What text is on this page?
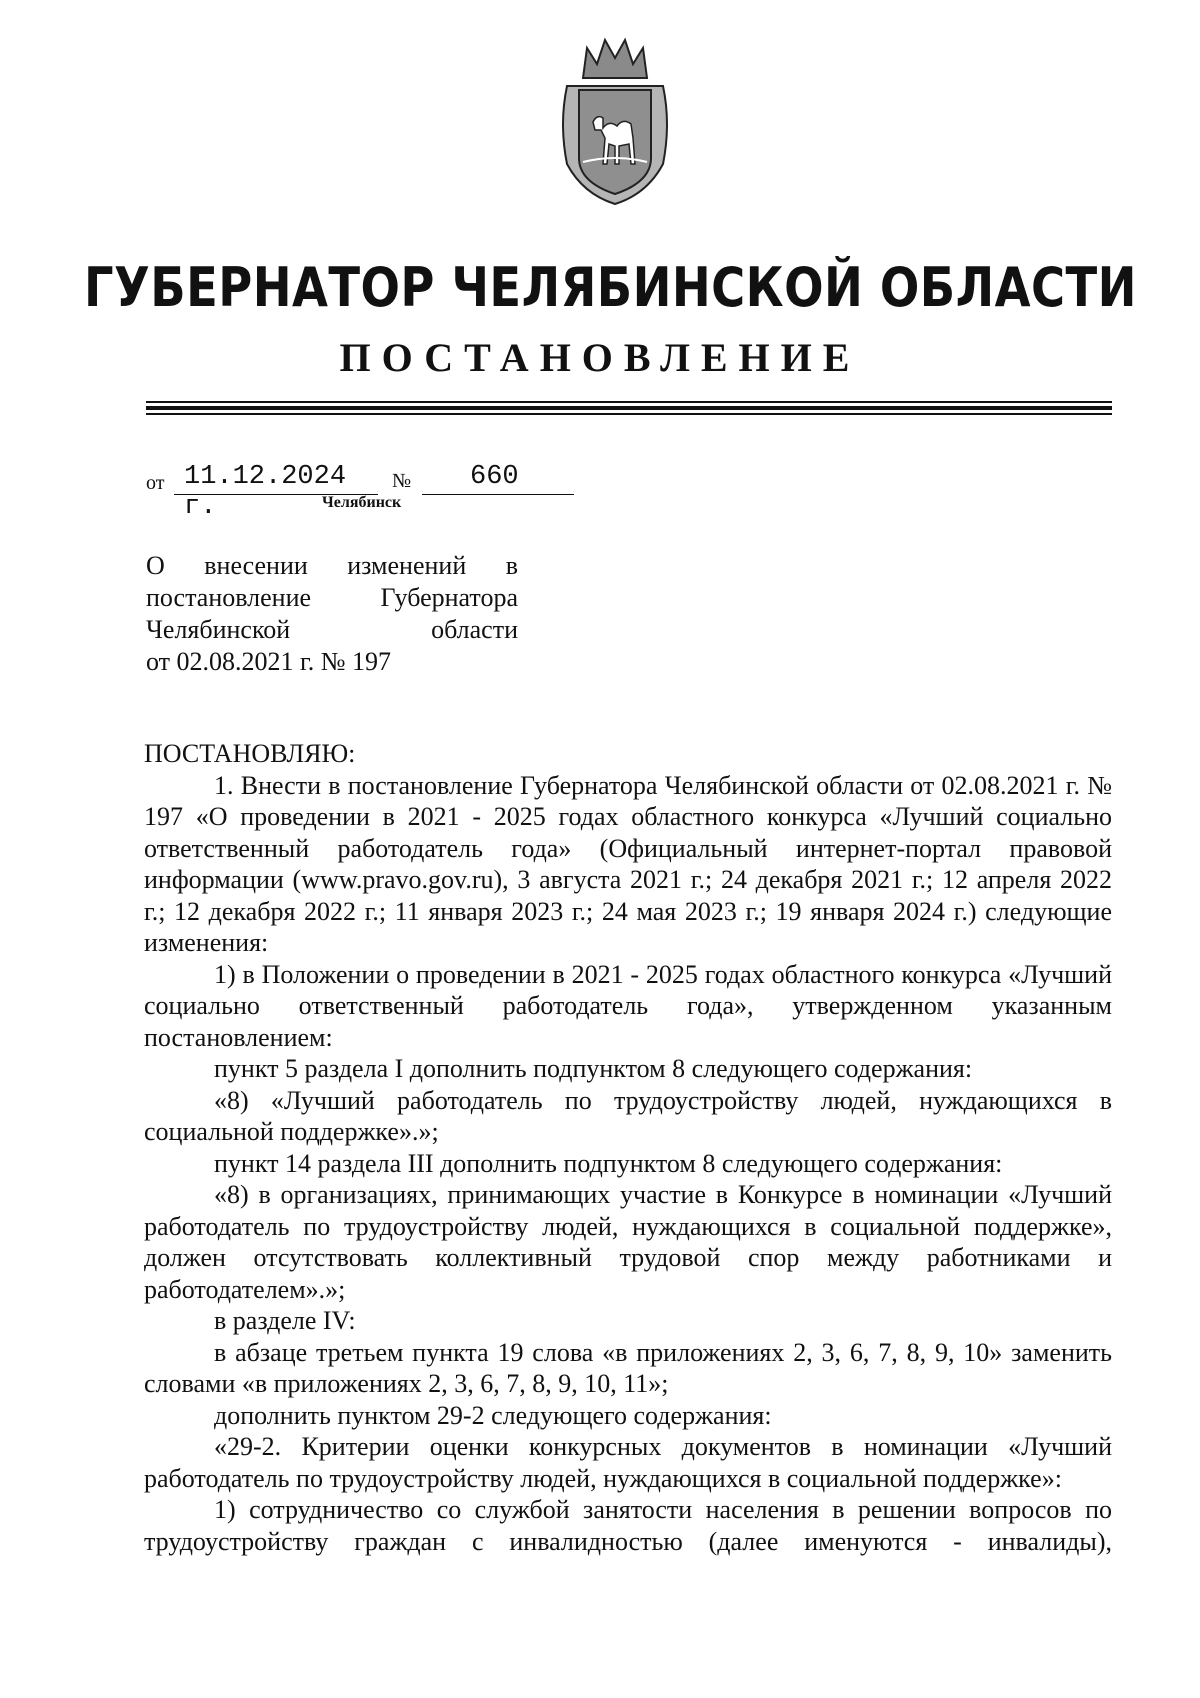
ГУБЕРНАТОР ЧЕЛЯБИНСКОЙ ОБЛАСТИ
ПОСТАНОВЛЕНИЕ
от 11.12.2024 г.
№	660
Челябинск
О внесении изменений в
постановление Губернатора
Челябинской области
от 02.08.2021 г. № 197

ПОСТАНОВЛЯЮ:

1. Внести в постановление Губернатора Челябинской области от 02.08.2021 г. № 197 «О проведении в 2021 - 2025 годах областного конкурса «Лучший социально ответственный работодатель года» (Официальный интернет-портал правовой информации (www.pravo.gov.ru), 3 августа 2021 г.; 24 декабря 2021 г.; 12 апреля 2022 г.; 12 декабря 2022 г.; 11 января 2023 г.; 24 мая 2023 г.; 19 января 2024 г.) следующие изменения:

1) в Положении о проведении в 2021 - 2025 годах областного конкурса «Лучший социально ответственный работодатель года», утвержденном указанным постановлением:

пункт 5 раздела I дополнить подпунктом 8 следующего содержания:

«8) «Лучший работодатель по трудоустройству людей, нуждающихся в социальной поддержке».»;

пункт 14 раздела III дополнить подпунктом 8 следующего содержания:

«8) в организациях, принимающих участие в Конкурсе в номинации «Лучший работодатель по трудоустройству людей, нуждающихся в социальной поддержке», должен отсутствовать коллективный трудовой спор между работниками и работодателем».»;

в разделе IV:

в абзаце третьем пункта 19 слова «в приложениях 2, 3, 6, 7, 8, 9, 10» заменить словами «в приложениях 2, 3, 6, 7, 8, 9, 10, 11»;

дополнить пунктом 29-2 следующего содержания:

«29-2. Критерии оценки конкурсных документов в номинации «Лучший работодатель по трудоустройству людей, нуждающихся в социальной поддержке»:

1) сотрудничество со службой занятости населения в решении вопросов по трудоустройству граждан с инвалидностью (далее именуются - инвалиды),
